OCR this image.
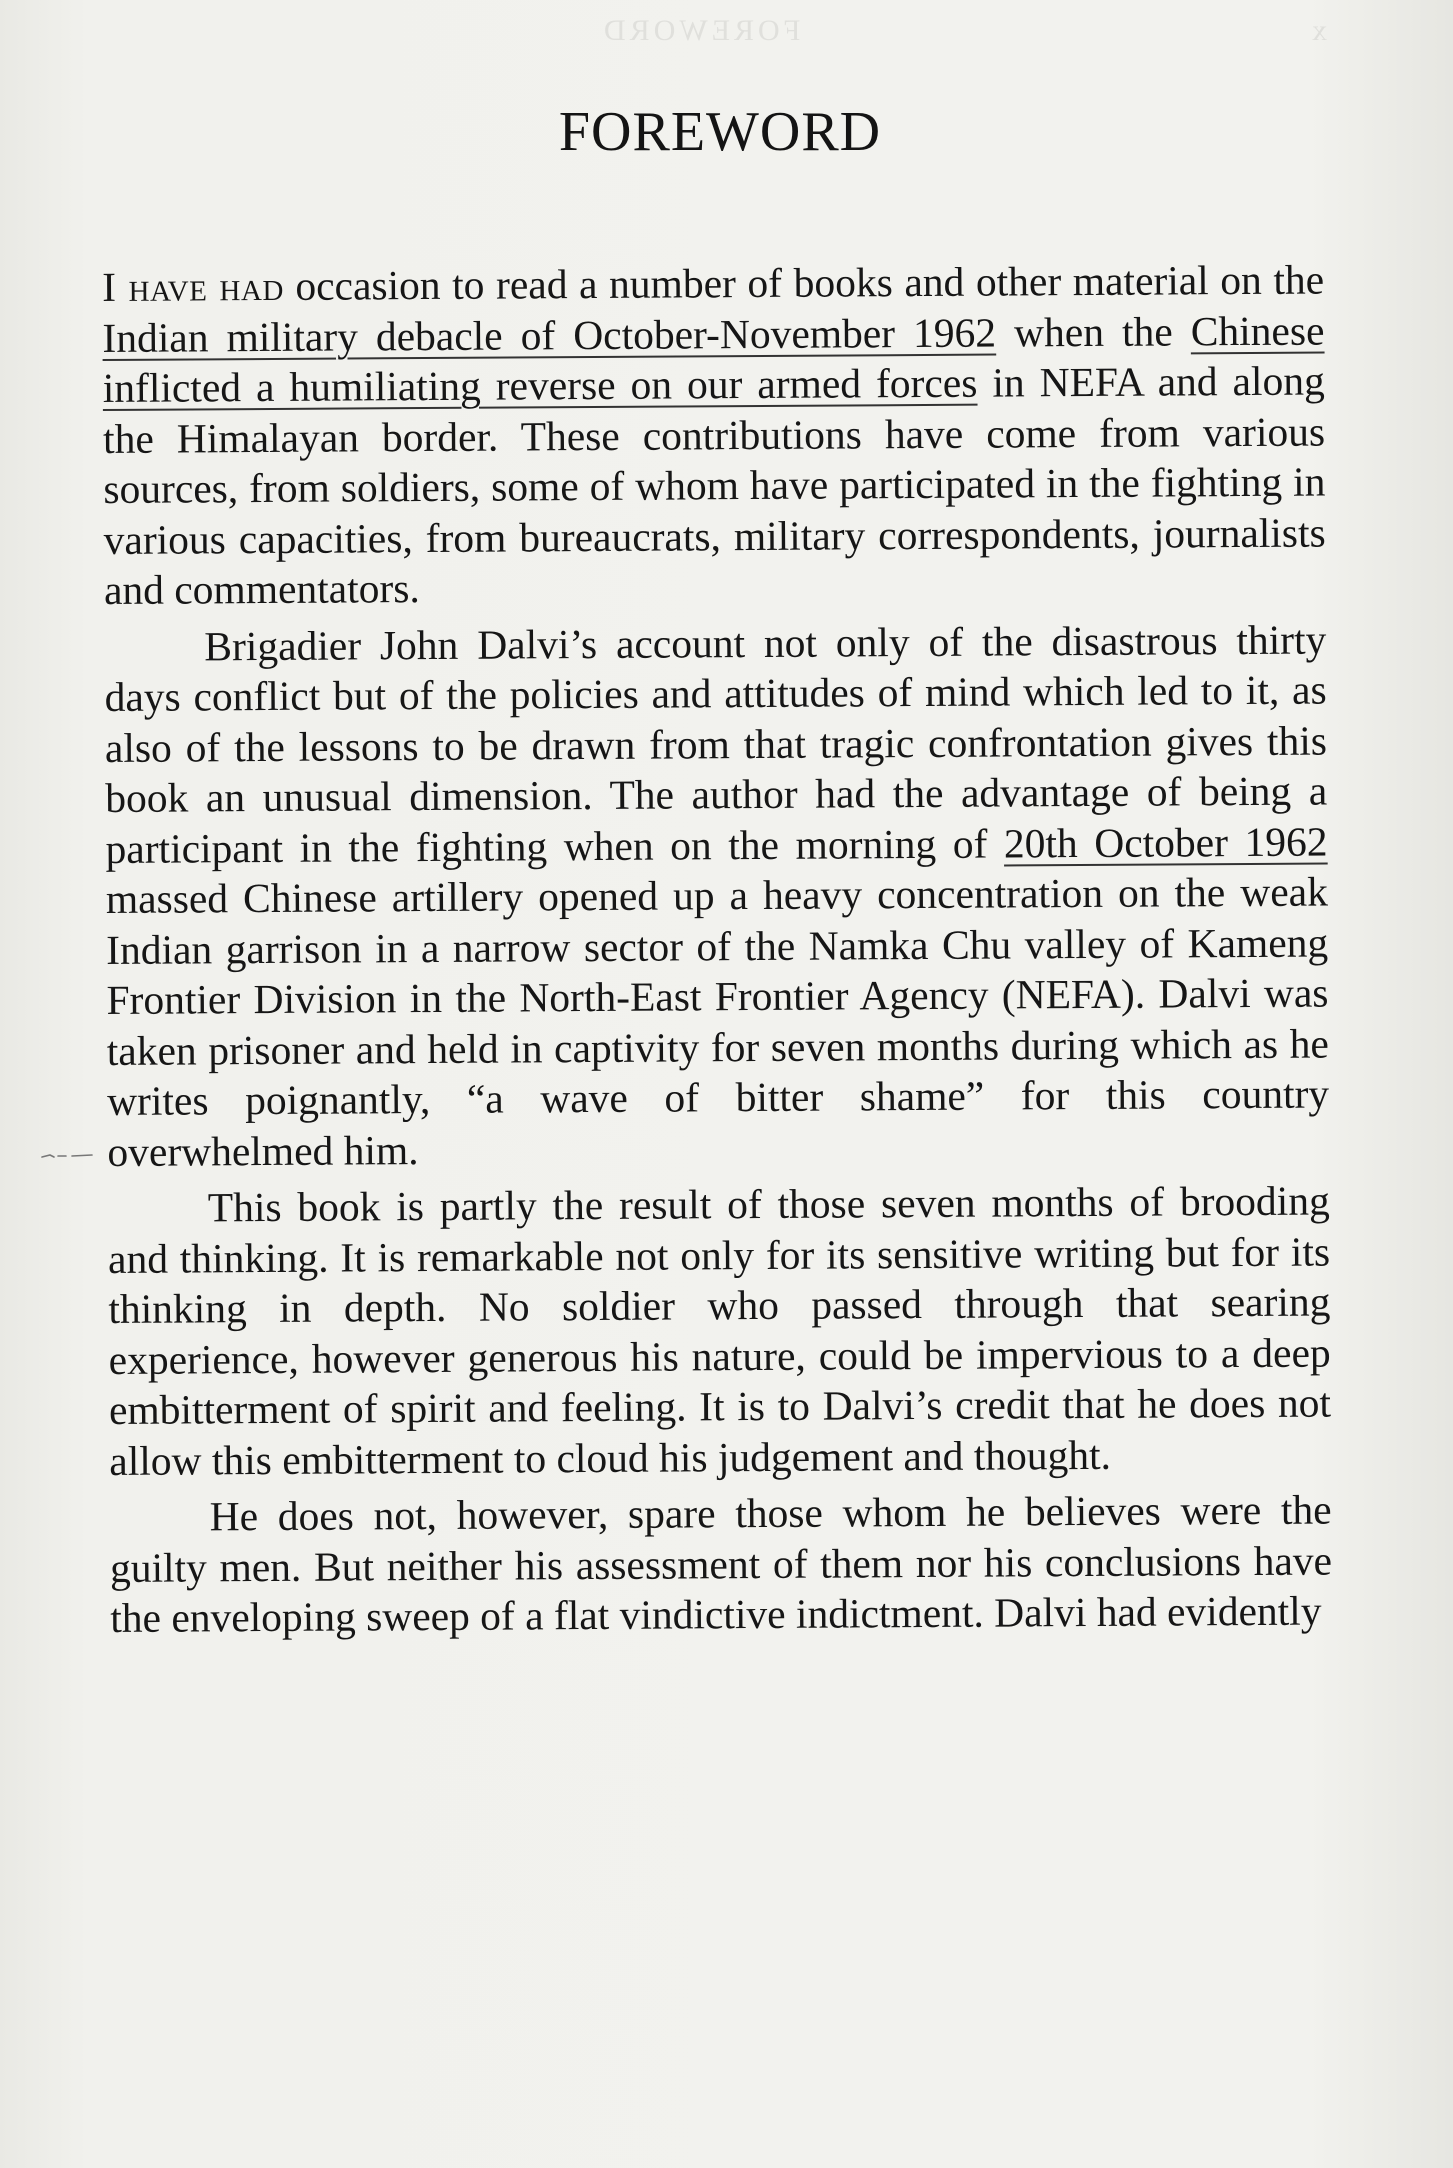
FOREWORD	x
FOREWORD

I have had occasion to read a number of books and other material on the Indian military debacle of October-November 1962 when the Chinese inflicted a humiliating reverse on our armed forces in NEFA and along the Himalayan border. These contributions have come from various sources, from soldiers, some of whom have participated in the fighting in various capacities, from bureaucrats, military correspondents, journalists and commentators.

Brigadier John Dalvi’s account not only of the disastrous thirty days conflict but of the policies and attitudes of mind which led to it, as also of the lessons to be drawn from that tragic confrontation gives this book an unusual dimension. The author had the advantage of being a participant in the fighting when on the morning of 20th October 1962 massed Chinese artillery opened up a heavy concentration on the weak Indian garrison in a narrow sector of the Namka Chu valley of Kameng Frontier Division in the North-East Frontier Agency (NEFA). Dalvi was taken prisoner and held in captivity for seven months during which as he writes poignantly, “a wave of bitter shame” for this country overwhelmed him.

This book is partly the result of those seven months of brooding and thinking. It is remarkable not only for its sensitive writing but for its thinking in depth. No soldier who passed through that searing experience, however generous his nature, could be impervious to a deep embitterment of spirit and feeling. It is to Dalvi’s credit that he does not allow this embitterment to cloud his judgement and thought.

He does not, however, spare those whom he believes were the guilty men. But neither his assessment of them nor his conclusions have the enveloping sweep of a flat vindictive indictment. Dalvi had evidently
